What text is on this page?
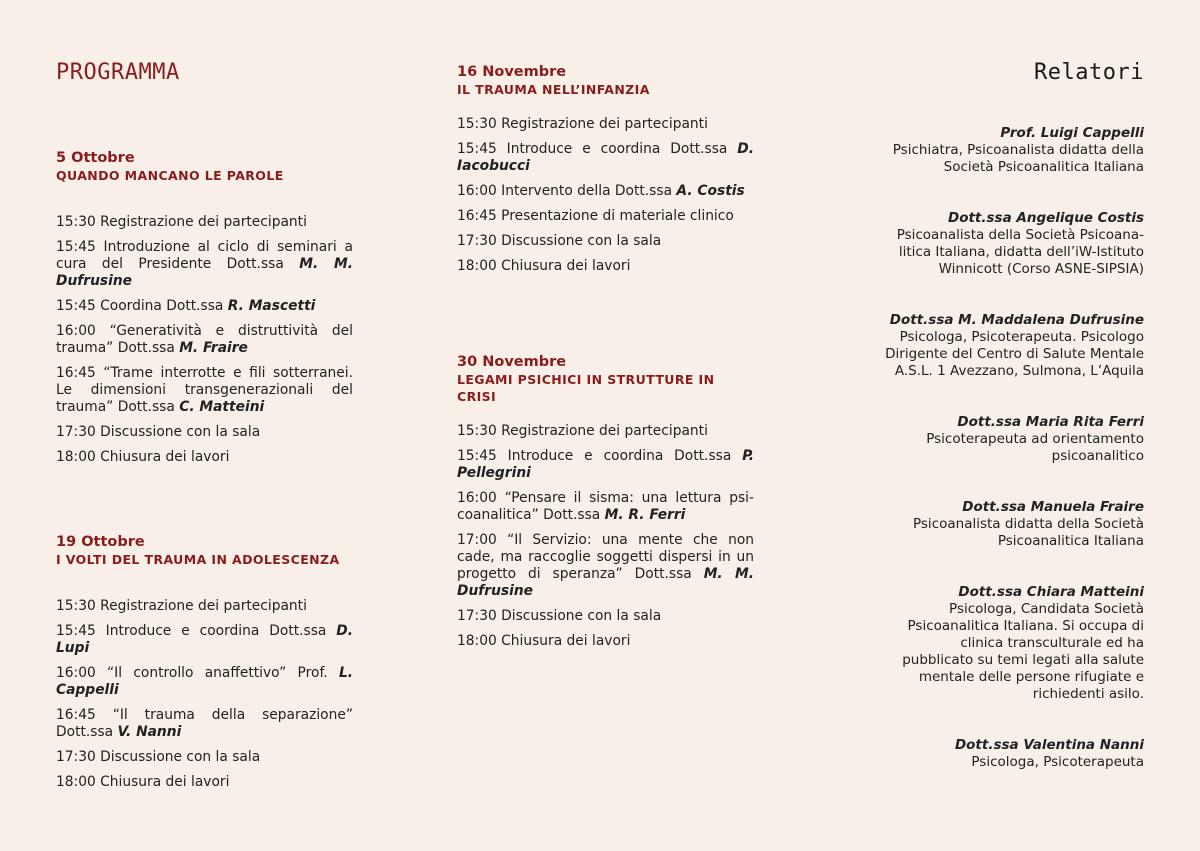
PROGRAMMA	Relatori

5 Ottobre

QUANDO MANCANO LE PAROLE

15:30 Registrazione dei partecipanti

15:45 Introduzione al ciclo di seminari a cura del Presidente Dott.ssa M. M. Dufrusine

15:45 Coordina Dott.ssa R. Mascetti

16:00 “Generatività e distruttività del trauma” Dott.ssa M. Fraire

16:45 “Trame interrotte e fili sotterranei. Le dimensioni transgenerazionali del trauma” Dott.ssa C. Matteini

17:30 Discussione con la sala

18:00 Chiusura dei lavori

19 Ottobre

I VOLTI DEL TRAUMA IN ADOLESCENZA

15:30 Registrazione dei partecipanti

15:45 Introduce e coordina Dott.ssa D. Lupi

16:00 “Il controllo anaffettivo” Prof. L. Cappelli

16:45 “Il trauma della separazione” Dott.ssa V. Nanni

17:30 Discussione con la sala

18:00 Chiusura dei lavori

16 Novembre

IL TRAUMA NELL’INFANZIA

15:30 Registrazione dei partecipanti

15:45 Introduce e coordina Dott.ssa D. Iacobucci

16:00 Intervento della Dott.ssa A. Costis

16:45 Presentazione di materiale clinico

17:30 Discussione con la sala

18:00 Chiusura dei lavori

30 Novembre

LEGAMI PSICHICI IN STRUTTURE IN CRISI

15:30 Registrazione dei partecipanti

15:45 Introduce e coordina Dott.ssa P. Pellegrini

16:00 “Pensare il sisma: una lettura psi-coanalitica” Dott.ssa M. R. Ferri

17:00 “Il Servizio: una mente che non cade, ma raccoglie soggetti dispersi in un progetto di speranza” Dott.ssa M. M. Dufrusine

17:30 Discussione con la sala

18:00 Chiusura dei lavori

Prof. Luigi Cappelli

Psichiatra, Psicoanalista didatta della
Società Psicoanalitica Italiana

Dott.ssa Angelique Costis

Psicoanalista della Società Psicoana-
litica Italiana, didatta dell’iW-Istituto
Winnicott (Corso ASNE-SIPSIA)

Dott.ssa M. Maddalena Dufrusine

Psicologa, Psicoterapeuta. Psicologo
Dirigente del Centro di Salute Mentale
A.S.L. 1 Avezzano, Sulmona, L’Aquila

Dott.ssa Maria Rita Ferri

Psicoterapeuta ad orientamento
psicoanalitico

Dott.ssa Manuela Fraire

Psicoanalista didatta della Società
Psicoanalitica Italiana

Dott.ssa Chiara Matteini

Psicologa, Candidata Società
Psicoanalitica Italiana. Si occupa di
clinica transculturale ed ha
pubblicato su temi legati alla salute
mentale delle persone rifugiate e
richiedenti asilo.

Dott.ssa Valentina Nanni

Psicologa, Psicoterapeuta
